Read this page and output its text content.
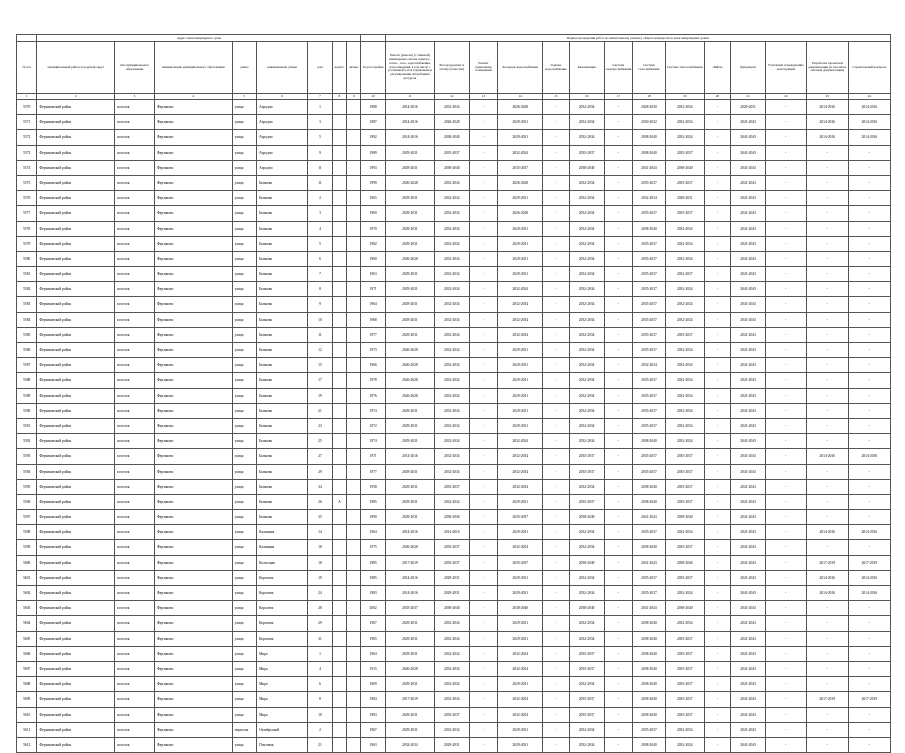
	Адрес многоквартирного дома									Период проведения работ по капитальному ремонту общего имущества в многоквартирных домах													
№ п/п	муниципальный район /городской округ	тип муниципального образования	наименование муниципального образования	улица	наименование улицы	дом	корпус	литера	Год постройки	Ремонт (ремонт) (с заменой) инженерных систем электро-, тепло-, газо-, водоснабжения, водоотведения, в том числе с установкой узлов управления и регулирования потребления ресурсов	Фасада (ремонт и утепл) (отмостка)	Ремонт подвальных помещений	Холодное водоснабжение	Горячее водоснабжение	Канализация	Система электроснабжения	Система газоснабжения	Система теплоснабжения	Лифты	Фундамент	Утепление ограждающих конструкций	Разработка проектной документации (в том числе сметной документации)	Строительный контроль
1	2	3	4	5	6	7	8	9	10	11	12	13	14	15	16	17	18	19	20	21	22	23	24
5570	Ферзиковский район	поселок	Ферзиково	улица	Аэродом	1			1988	2014-2016	2032-2034	-	2026-2028	-	2032-2034	-	2028-2030	2032-2034	-	2029-2031	-	2014-2016	2014-2016
5571	Ферзиковский район	поселок	Ферзиково	улица	Аэродом	3			1987	2014-2016	2026-2028	-	2029-2031	-	2032-2034	-	2030-2032	2032-2034	-	2041-2043	-	2014-2016	2014-2016
5572	Ферзиковский район	поселок	Ферзиково	улица	Аэродом	5			1992	2014-2016	2038-2040	-	2029-2031	-	2032-2034	-	2038-2040	2032-2034	-	2041-2043	-	2014-2016	2014-2016
5573	Ферзиковский район	поселок	Ферзиково	улица	Аэродом	9			1989	2029-2031	2035-2037	-	2032-2034	-	2035-2037	-	2038-2040	2035-2037	-	2041-2043	-	-	-
5574	Ферзиковский район	поселок	Ферзиково	улица	Аэродом	11			1993	2029-2031	2038-2040	-	2035-2037	-	2038-2040	-	2041-2043	2038-2040	-	2041-2043	-	-	-
5575	Ферзиковский район	поселок	Ферзиково	улица	Бычкова	11			1999	2026-2028	2032-2034	-	2026-2028	-	2032-2034	-	2035-2037	2035-2037	-	2041-2043	-	-	-
5576	Ферзиковский район	поселок	Ферзиково	улица	Бычкова	2			1965	2029-2031	2032-2034	-	2029-2031	-	2032-2034	-	2032-2034	2029-2031	-	2041-2043	-	-	-
5577	Ферзиковский район	поселок	Ферзиково	улица	Бычкова	3			1969	2029-2031	2032-2034	-	2026-2028	-	2032-2034	-	2035-2037	2035-2037	-	2041-2043	-	-	-
5578	Ферзиковский район	поселок	Ферзиково	улица	Бычкова	4			1970	2029-2031	2032-2034	-	2029-2031	-	2032-2034	-	2038-2040	2032-2034	-	2041-2043	-	-	-
5579	Ферзиковский район	поселок	Ферзиково	улица	Бычкова	5			1982	2029-2031	2032-2034	-	2029-2031	-	2032-2034	-	2035-2037	2032-2034	-	2041-2043	-	-	-
5580	Ферзиковский район	поселок	Ферзиково	улица	Бычкова	6			1960	2026-2028	2032-2034	-	2029-2031	-	2032-2034	-	2035-2037	2032-2034	-	2041-2043	-	-	-
5581	Ферзиковский район	поселок	Ферзиково	улица	Бычкова	7			1963	2029-2031	2032-2034	-	2029-2031	-	2032-2034	-	2035-2037	2032-2037	-	2041-2043	-	-	-
5582	Ферзиковский район	поселок	Ферзиково	улица	Бычкова	8			1971	2029-2031	2032-2034	-	2032-2034	-	2032-2034	-	2035-2037	2032-2034	-	2041-2043	-	-	-
5583	Ферзиковский район	поселок	Ферзиково	улица	Бычкова	9			1964	2029-2031	2032-2034	-	2032-2034	-	2032-2034	-	2035-2037	2032-2034	-	2041-2043	-	-	-
5584	Ферзиковский район	поселок	Ферзиково	улица	Бычкова	10			1968	2029-2031	2032-2034	-	2032-2034	-	2032-2034	-	2035-2037	2032-2034	-	2041-2043	-	-	-
5585	Ферзиковский район	поселок	Ферзиково	улица	Бычкова	11			1977	2029-2031	2032-2034	-	2032-2034	-	2032-2034	-	2035-2037	2035-2037	-	2041-2043	-	-	-
5586	Ферзиковский район	поселок	Ферзиково	улица	Бычкова	12			1973	2026-2028	2032-2034	-	2029-2031	-	2032-2034	-	2035-2037	2032-2034	-	2041-2043	-	-	-
5587	Ферзиковский район	поселок	Ферзиково	улица	Бычкова	15			1966	2026-2028	2032-2034	-	2029-2031	-	2032-2034	-	2032-2034	2032-2034	-	2041-2043	-	-	-
5588	Ферзиковский район	поселок	Ферзиково	улица	Бычкова	17			1978	2026-2028	2032-2034	-	2029-2031	-	2032-2034	-	2035-2037	2032-2034	-	2041-2043	-	-	-
5589	Ферзиковский район	поселок	Ферзиково	улица	Бычкова	19			1976	2026-2028	2032-2034	-	2029-2031	-	2032-2034	-	2035-2037	2032-2034	-	2041-2043	-	-	-
5590	Ферзиковский район	поселок	Ферзиково	улица	Бычкова	21			1974	2029-2031	2032-2034	-	2029-2031	-	2032-2034	-	2035-2037	2032-2034	-	2041-2043	-	-	-
5591	Ферзиковский район	поселок	Ферзиково	улица	Бычкова	23			1972	2029-2031	2032-2034	-	2029-2031	-	2032-2034	-	2035-2037	2032-2034	-	2041-2043	-	-	-
5592	Ферзиковский район	поселок	Ферзиково	улица	Бычкова	25			1974	2029-2031	2032-2034	-	2032-2034	-	2032-2034	-	2038-2040	2032-2034	-	2041-2043	-	-	-
5593	Ферзиковский район	поселок	Ферзиково	улица	Бычкова	27			1971	2014-2016	2032-2034	-	2032-2034	-	2035-2037	-	2035-2037	2035-2037	-	2041-2043	-	2014-2016	2014-2016
5594	Ферзиковский район	поселок	Ферзиково	улица	Бычкова	29			1977	2029-2031	2032-2034	-	2032-2034	-	2035-2037	-	2035-2037	2035-2037	-	2041-2043	-	-	-
5595	Ферзиковский район	поселок	Ферзиково	улица	Бычкова	34			1958	2029-2031	2035-2037	-	2032-2034	-	2032-2034	-	2038-2040	2035-2037	-	2041-2043	-	-	-
5596	Ферзиковский район	поселок	Ферзиково	улица	Бычкова	26	А		1985	2029-2031	2032-2034	-	2029-2031	-	2035-2037	-	2038-2040	2035-2037	-	2041-2043	-	-	-
5597	Ферзиковский район	поселок	Ферзиково	улица	Бычкова	35			1990	2029-2031	2038-2040	-	2035-2037	-	2038-2040	-	2041-2043	2038-2040	-	2041-2043	-	-	-
5598	Ферзиковский район	поселок	Ферзиково	улица	Калинина	14			1964	2014-2016	2014-2016	-	2029-2031	-	2032-2034	-	2035-2037	2032-2034	-	2041-2043	-	2014-2016	2014-2016
5599	Ферзиковский район	поселок	Ферзиково	улица	Калинина	18			1975	2026-2028	2035-2037	-	2032-2034	-	2032-2034	-	2038-2040	2035-2037	-	2041-2043	-	-	-
5600	Ферзиковский район	поселок	Ферзиково	улица	Колхозная	18			1985	2017-2019	2035-2037	-	2035-2037	-	2038-2040	-	2041-2043	2038-2040	-	2041-2043	-	2017-2019	2017-2019
5601	Ферзиковский район	поселок	Ферзиково	улица	Королева	19			1985	2014-2016	2029-2031	-	2029-2031	-	2032-2034	-	2035-2037	2035-2037	-	2041-2043	-	2014-2016	2014-2016
5602	Ферзиковский район	поселок	Ферзиково	улица	Королева	24			1983	2014-2016	2029-2031	-	2029-2031	-	2032-2034	-	2035-2037	2032-2034	-	2041-2043	-	2014-2016	2014-2016
5603	Ферзиковский район	поселок	Ферзиково	улица	Королева	28			2002	2035-2037	2038-2040	-	2038-2040	-	2038-2040	-	2041-2043	2038-2040	-	2041-2043	-	-	-
5604	Ферзиковский район	поселок	Ферзиково	улица	Королева	29			1967	2029-2031	2032-2034	-	2029-2031	-	2032-2034	-	2038-2040	2032-2034	-	2041-2043	-	-	-
5605	Ферзиковский район	поселок	Ферзиково	улица	Королева	31			1965	2029-2031	2032-2034	-	2029-2031	-	2032-2034	-	2038-2040	2035-2037	-	2041-2043	-	-	-
5606	Ферзиковский район	поселок	Ферзиково	улица	Мира	1			1964	2029-2031	2032-2034	-	2032-2034	-	2035-2037	-	2038-2040	2035-2037	-	2041-2043	-	-	-
5607	Ферзиковский район	поселок	Ферзиково	улица	Мира	4			1915	2026-2028	2032-2034	-	2032-2034	-	2035-2037	-	2038-2040	2035-2037	-	2041-2043	-	-	-
5608	Ферзиковский район	поселок	Ферзиково	улица	Мира	6			1969	2029-2031	2032-2034	-	2029-2031	-	2032-2034	-	2038-2040	2035-2037	-	2041-2043	-	-	-
5609	Ферзиковский район	поселок	Ферзиково	улица	Мира	8			1984	2017-2019	2032-2034	-	2032-2034	-	2035-2037	-	2038-2040	2035-2037	-	2041-2043	-	2017-2019	2017-2019
5610	Ферзиковский район	поселок	Ферзиково	улица	Мира	10			1983	2029-2031	2035-2037	-	2032-2034	-	2035-2037	-	2038-2040	2035-2037	-	2041-2043	-	-	-
5611	Ферзиковский район	поселок	Ферзиково	переулок	Октябрьский	2			1967	2029-2031	2032-2034	-	2029-2031	-	2032-2034	-	2035-2037	2032-2034	-	2041-2043	-	-	-
5612	Ферзиковский район	поселок	Ферзиково	улица	Почтовая	21			1963	2032-2034	2029-2031	-	2029-2031	-	2032-2034	-	2038-2040	2032-2034	-	2041-2043	-	-	-
